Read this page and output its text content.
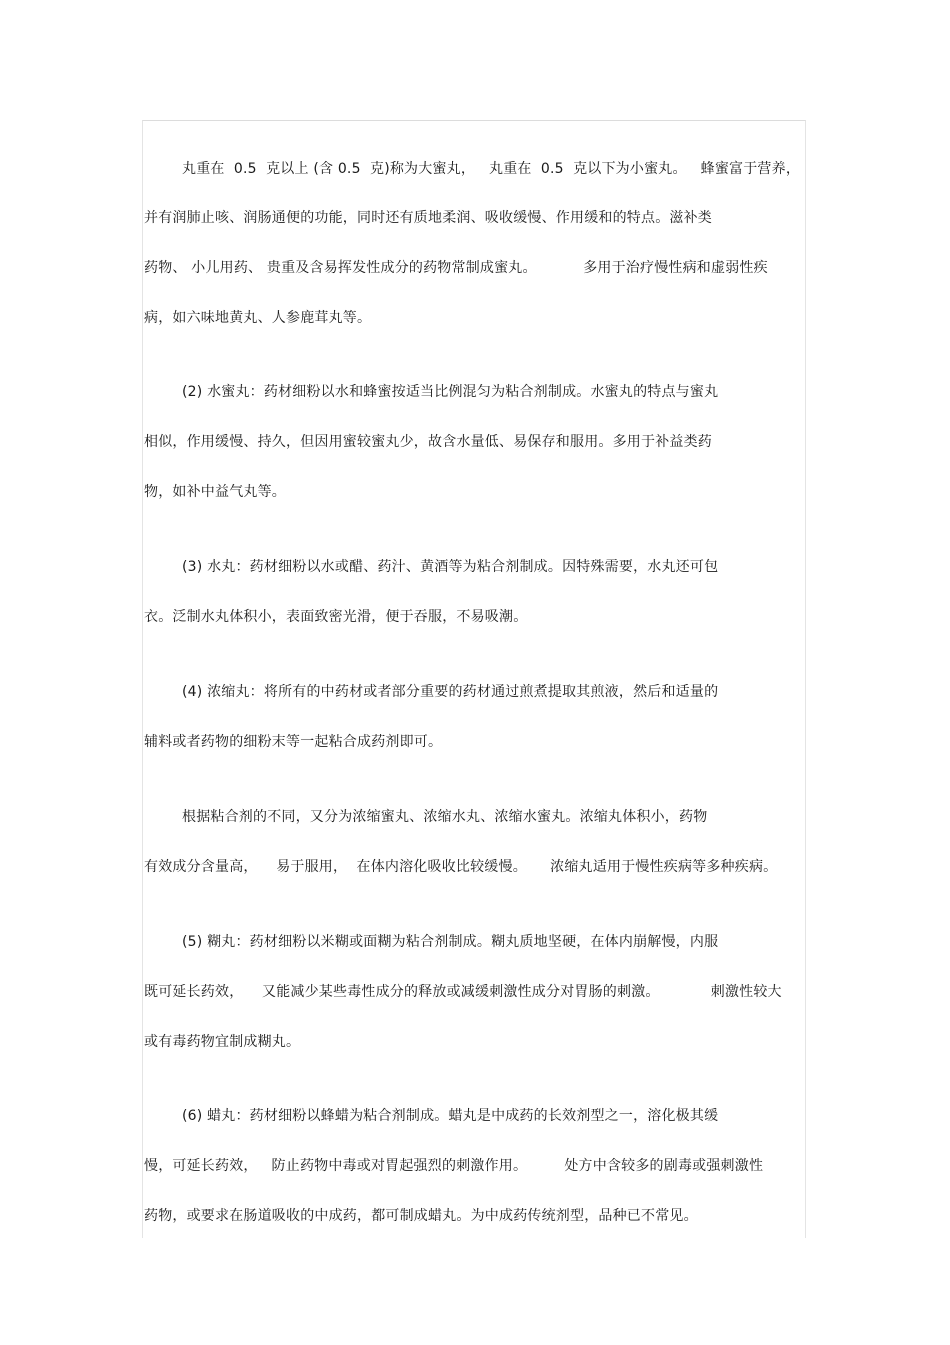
丸重在  0.5  克以上 (含 0.5  克)称为大蜜丸，   丸重在  0.5  克以下为小蜜丸。   蜂蜜富于营养，
并有润肺止咳、润肠通便的功能，同时还有质地柔润、吸收缓慢、作用缓和的特点。滋补类
药物、 小儿用药、 贵重及含易挥发性成分的药物常制成蜜丸。          多用于治疗慢性病和虚弱性疾
病，如六味地黄丸、人参鹿茸丸等。
(2) 水蜜丸：药材细粉以水和蜂蜜按适当比例混匀为粘合剂制成。水蜜丸的特点与蜜丸
相似，作用缓慢、持久，但因用蜜较蜜丸少，故含水量低、易保存和服用。多用于补益类药
物，如补中益气丸等。
(3) 水丸：药材细粉以水或醋、药汁、黄酒等为粘合剂制成。因特殊需要，水丸还可包
衣。泛制水丸体积小，表面致密光滑，便于吞服，不易吸潮。
(4) 浓缩丸：将所有的中药材或者部分重要的药材通过煎煮提取其煎液，然后和适量的
辅料或者药物的细粉末等一起粘合成药剂即可。
根据粘合剂的不同，又分为浓缩蜜丸、浓缩水丸、浓缩水蜜丸。浓缩丸体积小，药物
有效成分含量高，    易于服用，  在体内溶化吸收比较缓慢。     浓缩丸适用于慢性疾病等多种疾病。
(5) 糊丸：药材细粉以米糊或面糊为粘合剂制成。糊丸质地坚硬，在体内崩解慢，内服
既可延长药效，    又能减少某些毒性成分的释放或减缓刺激性成分对胃肠的刺激。           刺激性较大
或有毒药物宜制成糊丸。
(6) 蜡丸：药材细粉以蜂蜡为粘合剂制成。蜡丸是中成药的长效剂型之一，溶化极其缓
慢，可延长药效，   防止药物中毒或对胃起强烈的刺激作用。        处方中含较多的剧毒或强刺激性
药物，或要求在肠道吸收的中成药，都可制成蜡丸。为中成药传统剂型，品种已不常见。
